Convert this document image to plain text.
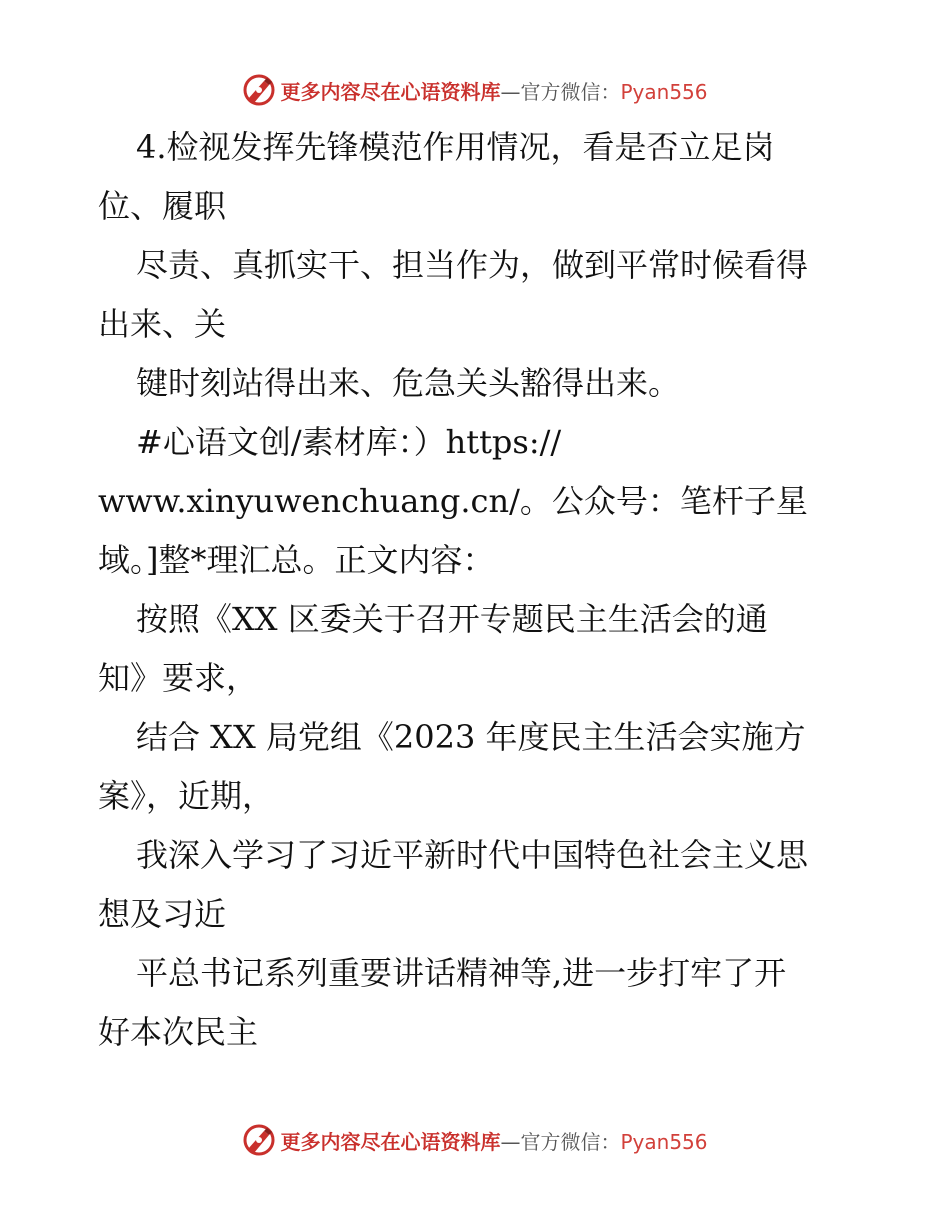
更多内容尽在心语资料库—官方微信：Pyan556
4.检视发挥先锋模范作用情况，看是否立足岗
位、履职
尽责、真抓实干、担当作为，做到平常时候看得
出来、关
键时刻站得出来、危急关头豁得出来。
#心语文创/素材库：）https://
www.xinyuwenchuang.cn/。公众号：笔杆子星
域。]整*理汇总。正文内容：
按照《XX 区委关于召开专题民主生活会的通
知》要求，
结合 XX 局党组《2023 年度民主生活会实施方
案》，近期，
我深入学习了习近平新时代中国特色社会主义思
想及习近
平总书记系列重要讲话精神等,进一步打牢了开
好本次民主
更多内容尽在心语资料库—官方微信：Pyan556
